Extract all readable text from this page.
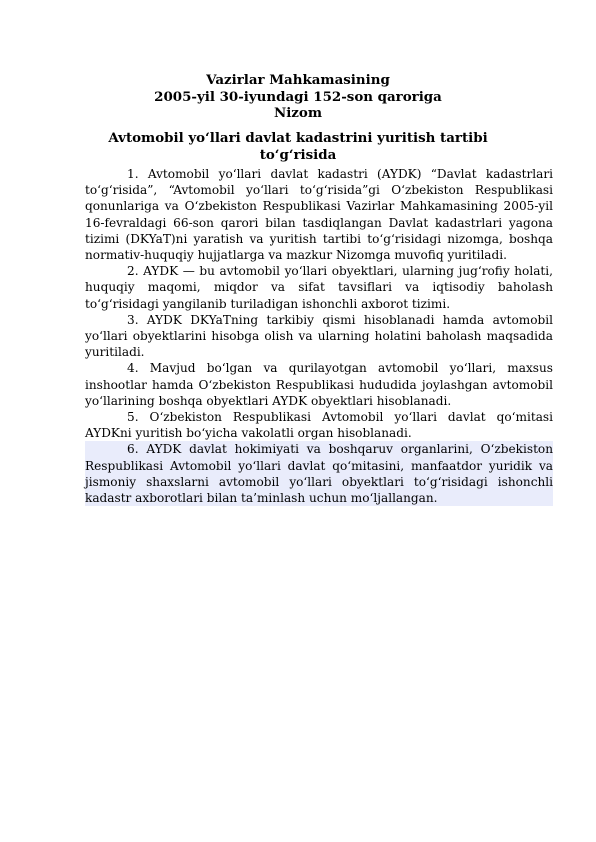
Vazirlar Mahkamasining
2005-yil 30-iyundagi 152-son qaroriga
Nizom
Avtomobil yo‘llari davlat kadastrini yuritish tartibi
to‘g‘risida

1. Avtomobil yo‘llari davlat kadastri (AYDK) “Davlat kadastrlari to‘g‘risida”, “Avtomobil yo‘llari to‘g‘risida”gi O‘zbekiston Respublikasi qonunlariga va O‘zbekiston Respublikasi Vazirlar Mahkamasining 2005-yil 16-fevraldagi 66-son qarori bilan tasdiqlangan Davlat kadastrlari yagona tizimi (DKYaT)ni yaratish va yuritish tartibi to‘g‘risidagi nizomga, boshqa normativ-huquqiy hujjatlarga va mazkur Nizomga muvofiq yuritiladi.

2. AYDK — bu avtomobil yo‘llari obyektlari, ularning jug‘rofiy holati, huquqiy maqomi, miqdor va sifat tavsiflari va iqtisodiy baholash to‘g‘risidagi yangilanib turiladigan ishonchli axborot tizimi.

3. AYDK DKYaTning tarkibiy qismi hisoblanadi hamda avtomobil yo‘llari obyektlarini hisobga olish va ularning holatini baholash maqsadida yuritiladi.

4. Mavjud bo‘lgan va qurilayotgan avtomobil yo‘llari, maxsus inshootlar hamda O‘zbekiston Respublikasi hududida joylashgan avtomobil yo‘llarining boshqa obyektlari AYDK obyektlari hisoblanadi.

5. O‘zbekiston Respublikasi Avtomobil yo‘llari davlat qo‘mitasi AYDKni yuritish bo‘yicha vakolatli organ hisoblanadi.

6. AYDK davlat hokimiyati va boshqaruv organlarini, O‘zbekiston Respublikasi Avtomobil yo‘llari davlat qo‘mitasini, manfaatdor yuridik va jismoniy shaxslarni avtomobil yo‘llari obyektlari to‘g‘risidagi ishonchli kadastr axborotlari bilan ta’minlash uchun mo‘ljallangan.
